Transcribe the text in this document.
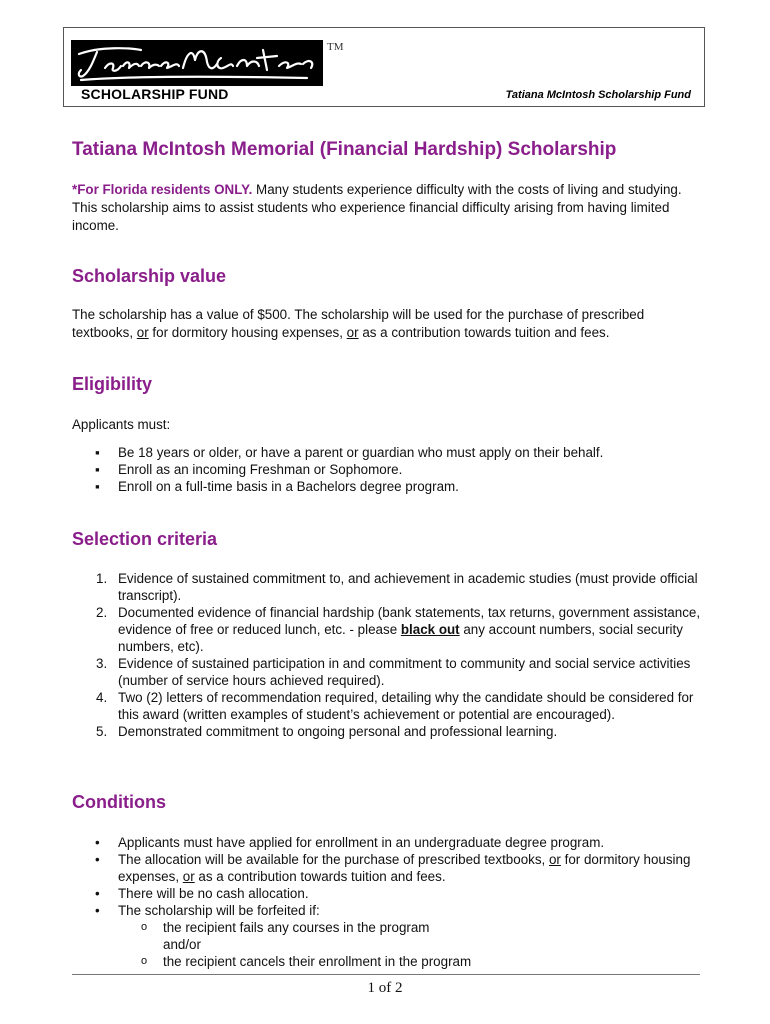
TM
SCHOLARSHIP FUND	Tatiana McIntosh Scholarship Fund
Tatiana McIntosh Memorial (Financial Hardship) Scholarship

*For Florida residents ONLY. Many students experience difficulty with the costs of living and studying. This scholarship aims to assist students who experience financial difficulty arising from having limited income.

Scholarship value

The scholarship has a value of $500. The scholarship will be used for the purchase of prescribed textbooks, or for dormitory housing expenses, or as a contribution towards tuition and fees.

Eligibility

Applicants must:

▪ Be 18 years or older, or have a parent or guardian who must apply on their behalf.
▪ Enroll as an incoming Freshman or Sophomore.
▪ Enroll on a full-time basis in a Bachelors degree program.
Selection criteria
1. Evidence of sustained commitment to, and achievement in academic studies (must provide official transcript).
2. Documented evidence of financial hardship (bank statements, tax returns, government assistance, evidence of free or reduced lunch, etc. - please black out any account numbers, social security numbers, etc).
3. Evidence of sustained participation in and commitment to community and social service activities (number of service hours achieved required).
4. Two (2) letters of recommendation required, detailing why the candidate should be considered for this award (written examples of student’s achievement or potential are encouraged).
5. Demonstrated commitment to ongoing personal and professional learning.
Conditions
• Applicants must have applied for enrollment in an undergraduate degree program.
• The allocation will be available for the purchase of prescribed textbooks, or for dormitory housing expenses, or as a contribution towards tuition and fees.
• There will be no cash allocation.
• The scholarship will be forfeited if:
o the recipient fails any courses in the program
and/or
o the recipient cancels their enrollment in the program
1 of 2
